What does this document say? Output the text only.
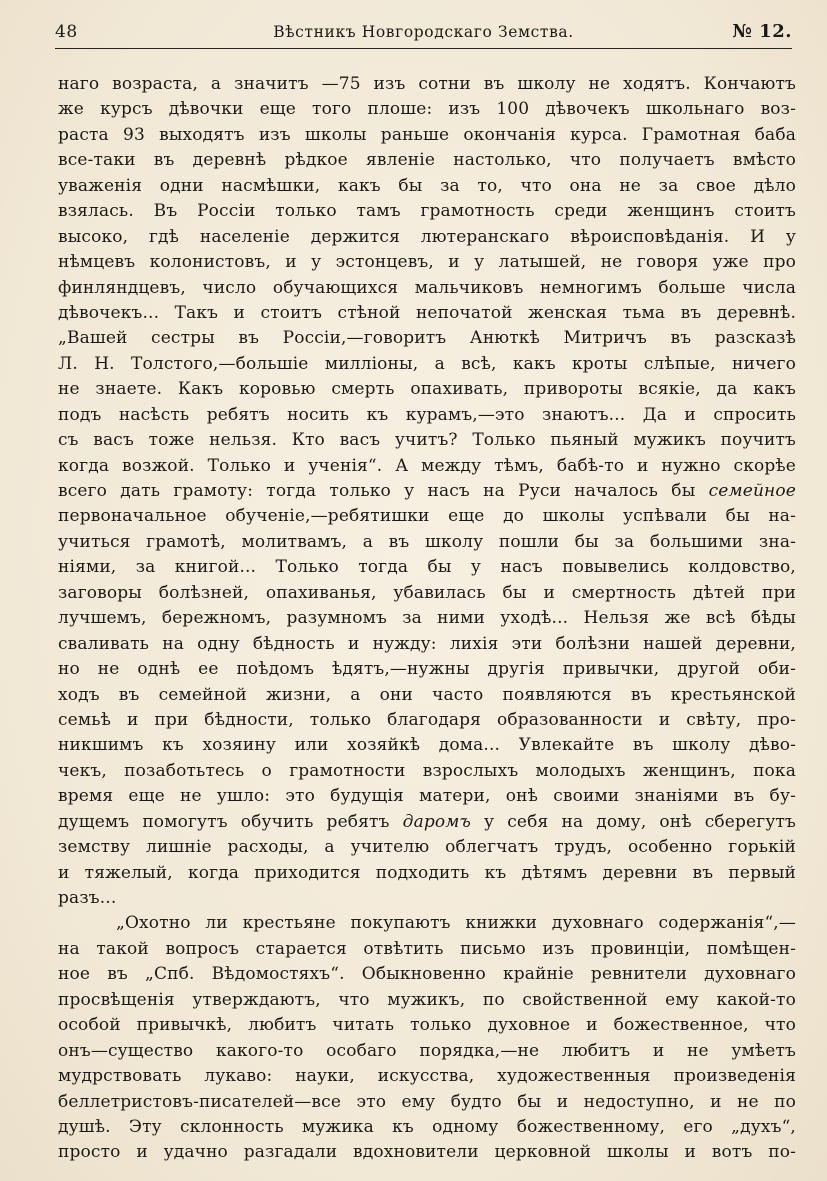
48	Вѣстникъ Новгородскаго Земства.	№ 12.
наго возраста, а значитъ —75 изъ сотни въ школу не ходятъ. Кончаютъ
же курсъ дѣвочки еще того плоше: изъ 100 дѣвочекъ школьнаго воз-
раста 93 выходятъ изъ школы раньше окончанія курса. Грамотная баба
все-таки въ деревнѣ рѣдкое явленіе настолько, что получаетъ вмѣсто
уваженія одни насмѣшки, какъ бы за то, что она не за свое дѣло
взялась. Въ Россіи только тамъ грамотность среди женщинъ стоитъ
высоко, гдѣ населеніе держится лютеранскаго вѣроисповѣданія. И у
нѣмцевъ колонистовъ, и у эстонцевъ, и у латышей, не говоря уже про
финляндцевъ, число обучающихся мальчиковъ немногимъ больше числа
дѣвочекъ... Такъ и стоитъ стѣной непочатой женская тьма въ деревнѣ.
„Вашей сестры въ Россіи,—говоритъ Анюткѣ Митричъ въ разсказѣ
Л. Н. Толстого,—большіе милліоны, а всѣ, какъ кроты слѣпые, ничего
не знаете. Какъ коровью смерть опахивать, привороты всякіе, да какъ
подъ насѣсть ребятъ носить къ курамъ,—это знаютъ... Да и спросить
съ васъ тоже нельзя. Кто васъ учитъ? Только пьяный мужикъ поучитъ
когда возжой. Только и ученія“. А между тѣмъ, бабѣ-то и нужно скорѣе
всего дать грамоту: тогда только у насъ на Руси началось бы семейное
первоначальное обученіе,—ребятишки еще до школы успѣвали бы на-
учиться грамотѣ, молитвамъ, а въ школу пошли бы за большими зна-
ніями, за книгой... Только тогда бы у насъ повывелись колдовство,
заговоры болѣзней, опахиванья, убавилась бы и смертность дѣтей при
лучшемъ, бережномъ, разумномъ за ними уходѣ... Нельзя же всѣ бѣды
сваливать на одну бѣдность и нужду: лихія эти болѣзни нашей деревни,
но не однѣ ее поѣдомъ ѣдятъ,—нужны другія привычки, другой оби-
ходъ въ семейной жизни, а они часто появляются въ крестьянской
семьѣ и при бѣдности, только благодаря образованности и свѣту, про-
никшимъ къ хозяину или хозяйкѣ дома... Увлекайте въ школу дѣво-
чекъ, позаботьтесь о грамотности взрослыхъ молодыхъ женщинъ, пока
время еще не ушло: это будущія матери, онѣ своими знаніями въ бу-
дущемъ помогутъ обучить ребятъ даромъ у себя на дому, онѣ сберегутъ
земству лишніе расходы, а учителю облегчатъ трудъ, особенно горькій
и тяжелый, когда приходится подходить къ дѣтямъ деревни въ первый
разъ...
„Охотно ли крестьяне покупаютъ книжки духовнаго содержанія“,—
на такой вопросъ старается отвѣтить письмо изъ провинціи, помѣщен-
ное въ „Спб. Вѣдомостяхъ“. Обыкновенно крайніе ревнители духовнаго
просвѣщенія утверждаютъ, что мужикъ, по свойственной ему какой-то
особой привычкѣ, любитъ читать только духовное и божественное, что
онъ—существо какого-то особаго порядка,—не любитъ и не умѣетъ
мудрствовать лукаво: науки, искусства, художественныя произведенія
беллетристовъ-писателей—все это ему будто бы и недоступно, и не по
душѣ. Эту склонность мужика къ одному божественному, его „духъ“,
просто и удачно разгадали вдохновители церковной школы и вотъ по-
